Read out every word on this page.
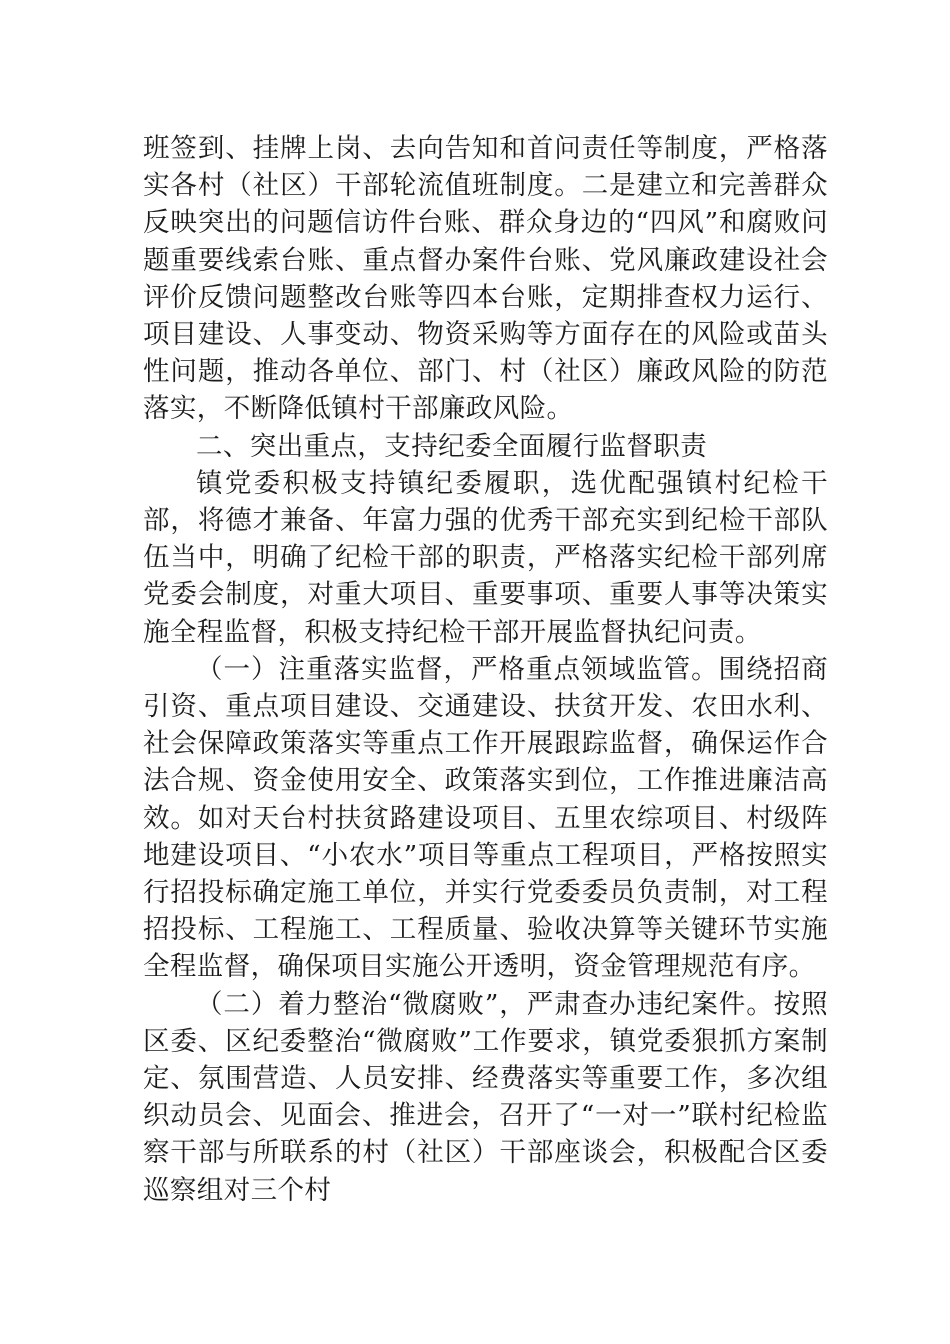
班签到、挂牌上岗、去向告知和首问责任等制度，严格落实各村（社区）干部轮流值班制度。二是建立和完善群众反映突出的问题信访件台账、群众身边的“四风”和腐败问题重要线索台账、重点督办案件台账、党风廉政建设社会评价反馈问题整改台账等四本台账，定期排查权力运行、项目建设、人事变动、物资采购等方面存在的风险或苗头性问题，推动各单位、部门、村（社区）廉政风险的防范落实，不断降低镇村干部廉政风险。

二、突出重点，支持纪委全面履行监督职责

镇党委积极支持镇纪委履职，选优配强镇村纪检干部，将德才兼备、年富力强的优秀干部充实到纪检干部队伍当中，明确了纪检干部的职责，严格落实纪检干部列席党委会制度，对重大项目、重要事项、重要人事等决策实施全程监督，积极支持纪检干部开展监督执纪问责。

（一）注重落实监督，严格重点领域监管。围绕招商引资、重点项目建设、交通建设、扶贫开发、农田水利、社会保障政策落实等重点工作开展跟踪监督，确保运作合法合规、资金使用安全、政策落实到位，工作推进廉洁高效。如对天台村扶贫路建设项目、五里农综项目、村级阵地建设项目、“小农水”项目等重点工程项目，严格按照实行招投标确定施工单位，并实行党委委员负责制，对工程招投标、工程施工、工程质量、验收决算等关键环节实施全程监督，确保项目实施公开透明，资金管理规范有序。

（二）着力整治“微腐败”，严肃查办违纪案件。按照区委、区纪委整治“微腐败”工作要求，镇党委狠抓方案制定、氛围营造、人员安排、经费落实等重要工作，多次组织动员会、见面会、推进会，召开了“一对一”联村纪检监察干部与所联系的村（社区）干部座谈会，积极配合区委巡察组对三个村
